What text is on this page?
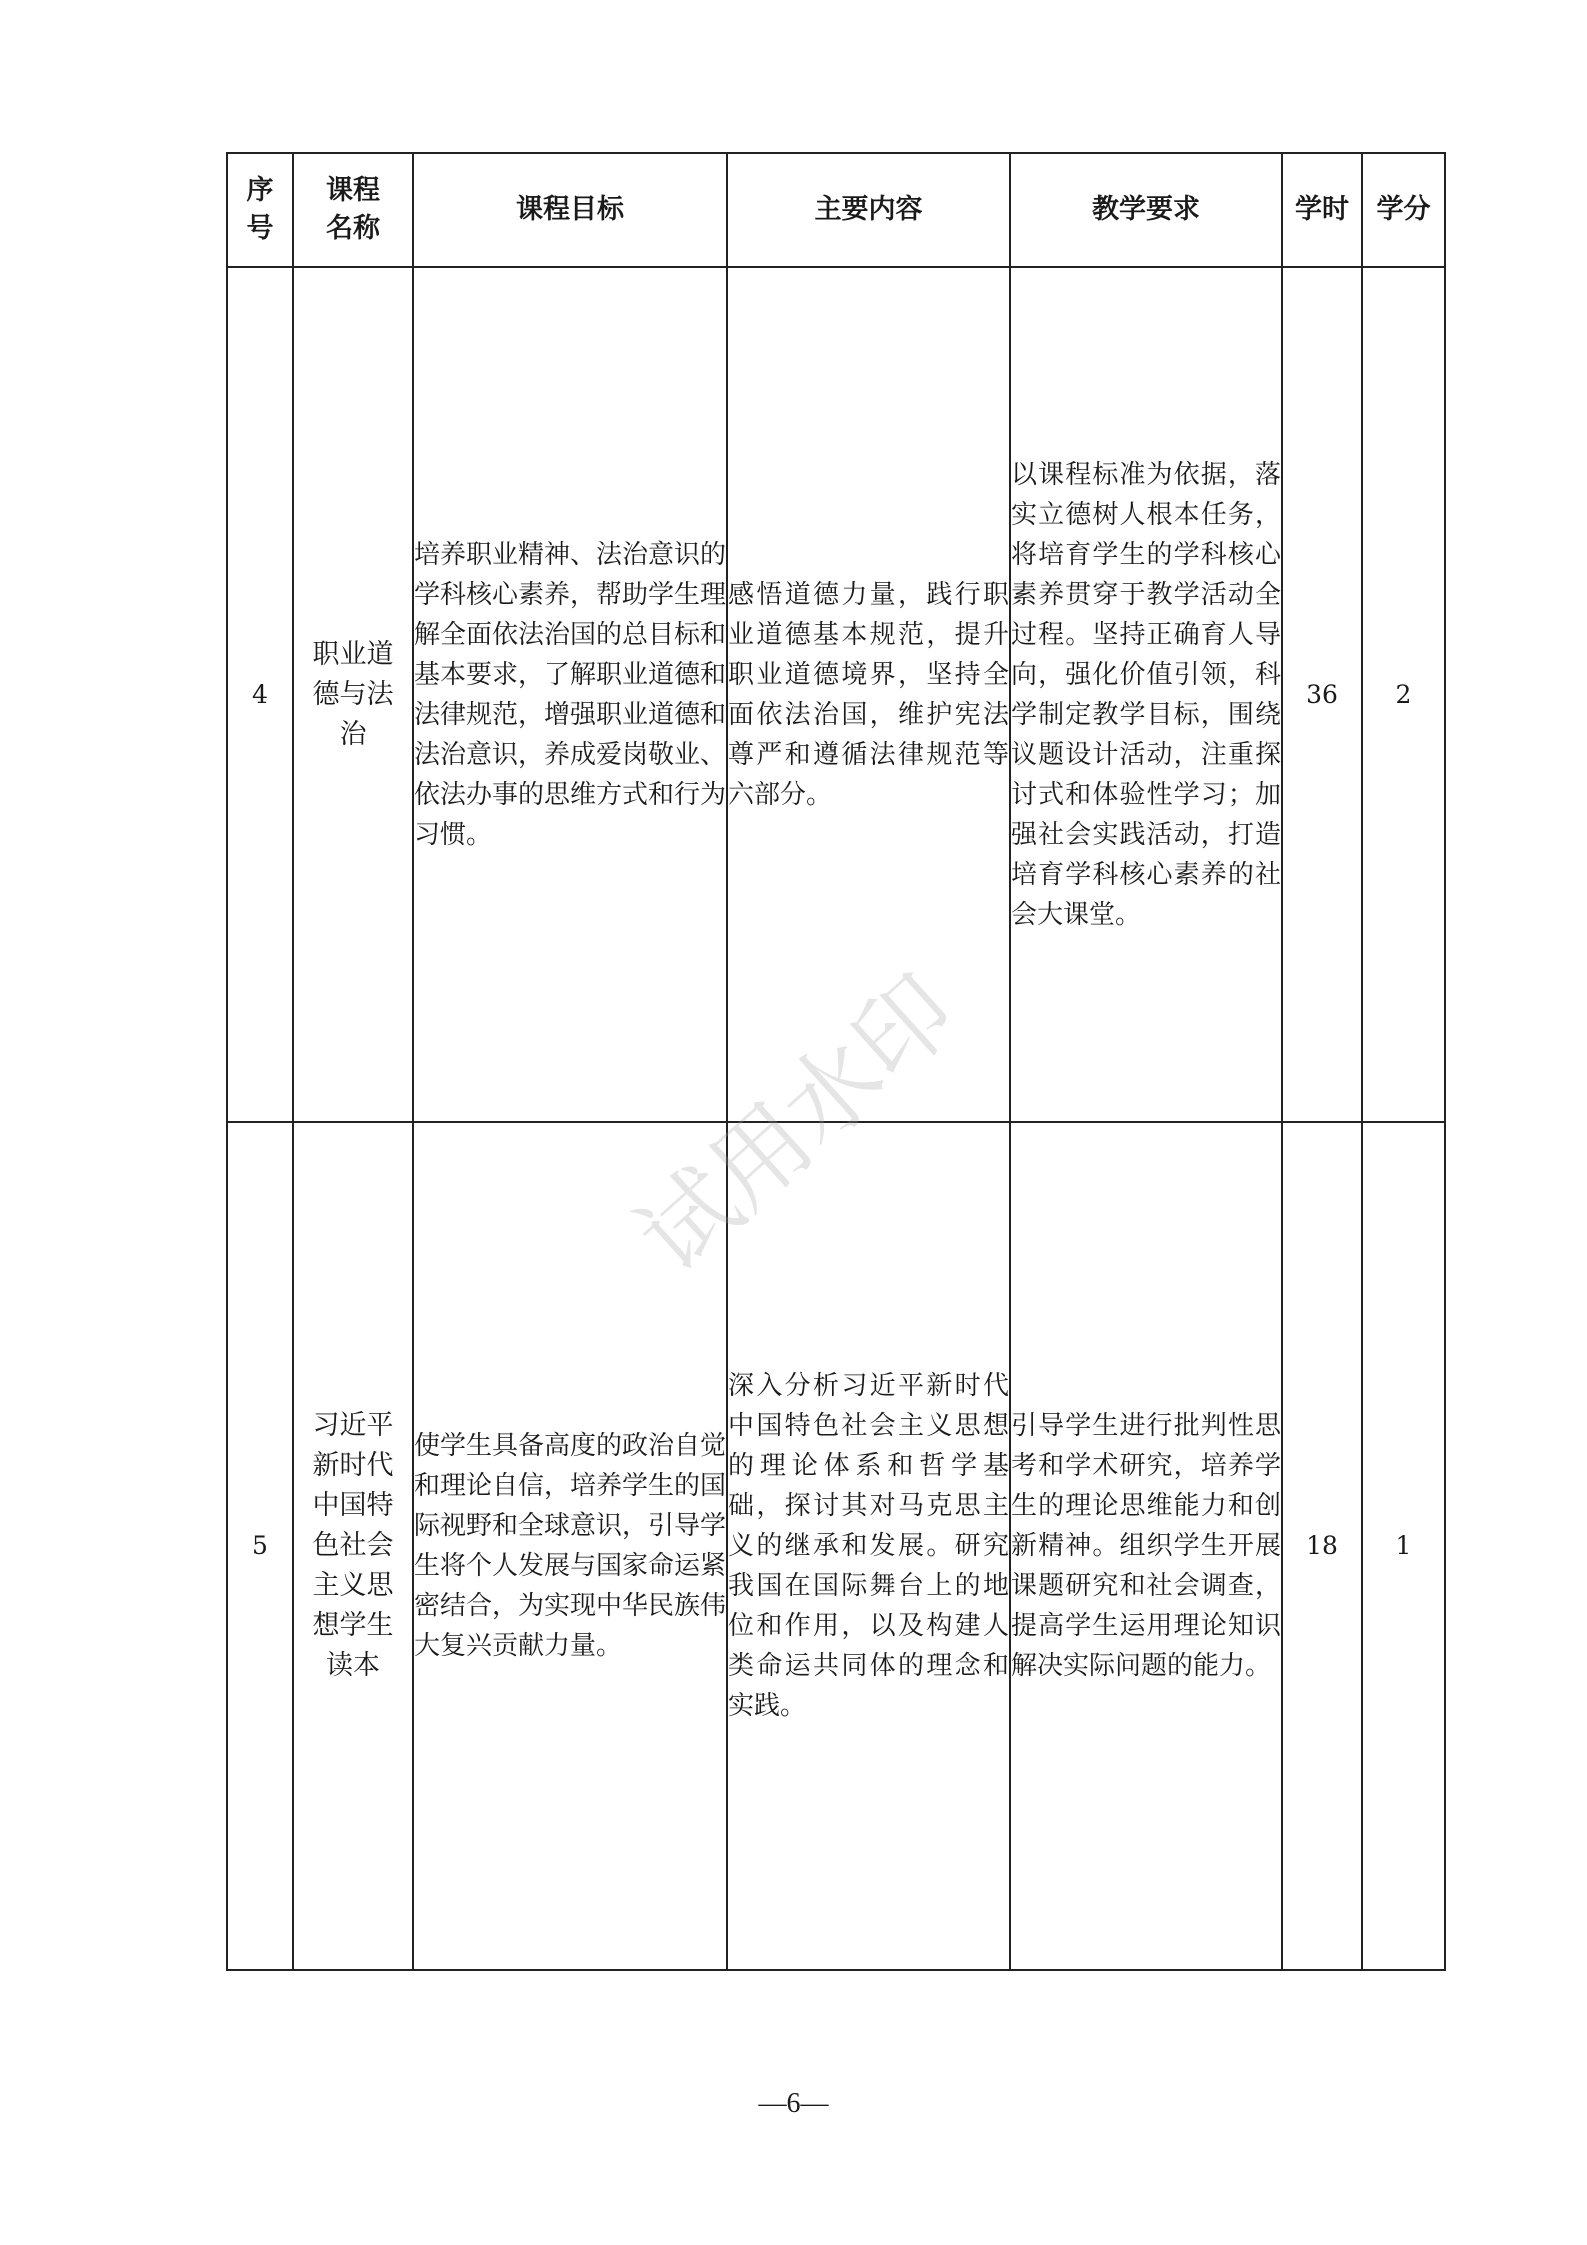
序号	课程名称	课程目标	主要内容	教学要求	学时	学分
4	职业道德与法治	培养职业精神、法治意识的学科核心素养，帮助学生理解全面依法治国的总目标和基本要求，了解职业道德和法律规范，增强职业道德和法治意识，养成爱岗敬业、依法办事的思维方式和行为习惯。	感悟道德力量，践行职业道德基本规范，提升职业道德境界，坚持全面依法治国，维护宪法尊严和遵循法律规范等六部分。	以课程标准为依据，落实立德树人根本任务，将培育学生的学科核心素养贯穿于教学活动全过程。坚持正确育人导向，强化价值引领，科学制定教学目标，围绕议题设计活动，注重探讨式和体验性学习；加强社会实践活动，打造培育学科核心素养的社会大课堂。	36	2
5	习近平新时代中国特色社会主义思想学生读本	使学生具备高度的政治自觉和理论自信，培养学生的国际视野和全球意识，引导学生将个人发展与国家命运紧密结合，为实现中华民族伟大复兴贡献力量。	深入分析习近平新时代中国特色社会主义思想的理论体系和哲学基础，探讨其对马克思主义的继承和发展。研究我国在国际舞台上的地位和作用，以及构建人类命运共同体的理念和实践。	引导学生进行批判性思考和学术研究，培养学生的理论思维能力和创新精神。组织学生开展课题研究和社会调查，提高学生运用理论知识解决实际问题的能力。	18	1
试用水印
—6—
